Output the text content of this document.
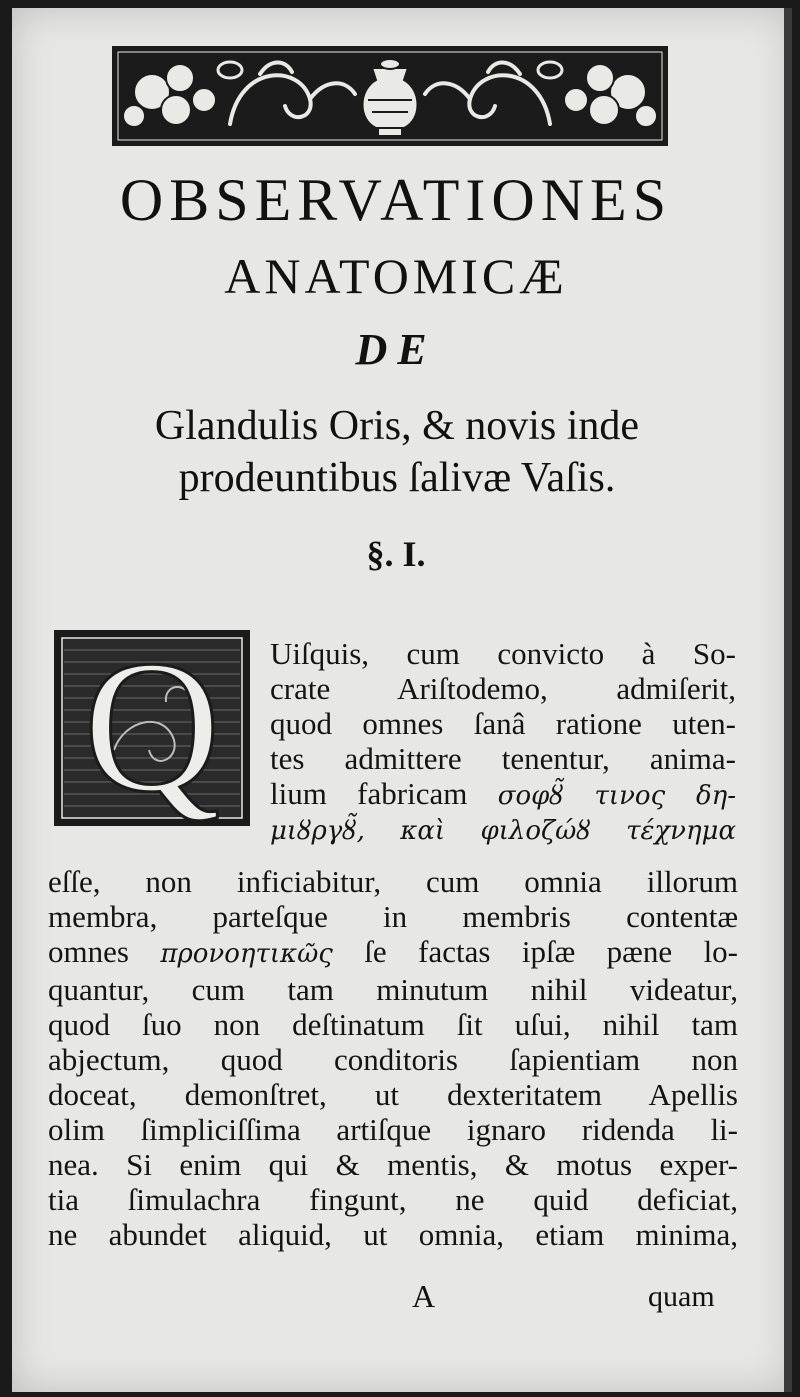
OBSERVATIONES
ANATOMICÆ
DE
Glandulis Oris, & novis inde
prodeuntibus ſalivæ Vaſis.
§. I.
Q Uiſquis, cum convicto à So-
crate Ariſtodemo, admiſerit,
quod omnes ſanâ ratione uten-
tes admittere tenentur, anima-
lium fabricam σοφȣ̃ τινος δη-
μιȣργȣ̃, καὶ φιλοζώȣ τέχνημα
eſſe, non inficiabitur, cum omnia illorum
membra, parteſque in membris contentæ
omnes προνοητικῶς ſe factas ipſæ pæne lo-
quantur, cum tam minutum nihil videatur,
quod ſuo non deſtinatum ſit uſui, nihil tam
abjectum, quod conditoris ſapientiam non
doceat, demonſtret, ut dexteritatem Apellis
olim ſimpliciſſima artiſque ignaro ridenda li-
nea. Si enim qui & mentis, & motus exper-
tia ſimulachra fingunt, ne quid deficiat,
ne abundet aliquid, ut omnia, etiam minima,
A	quam
